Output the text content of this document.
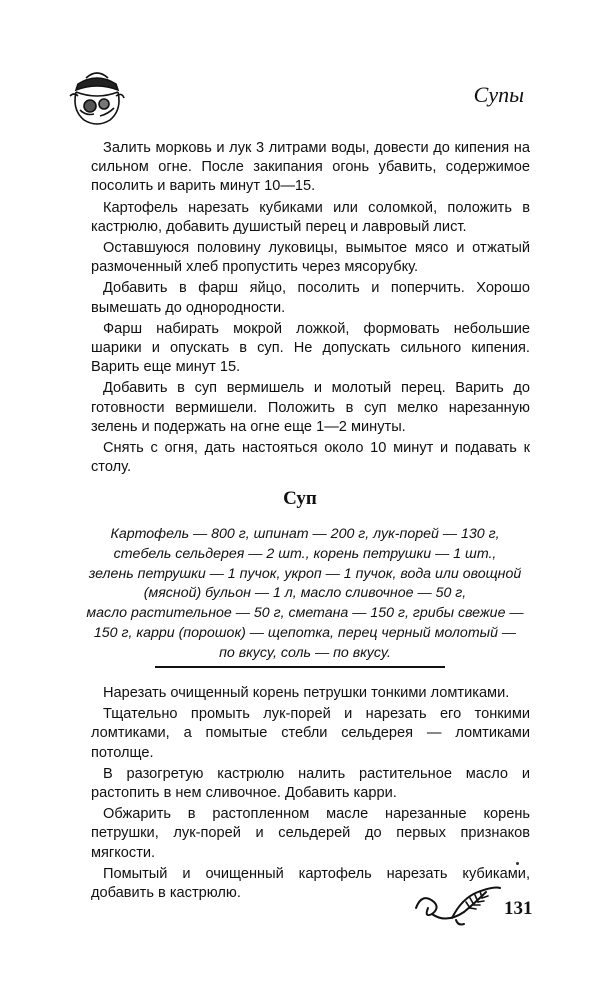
Супы

Залить морковь и лук 3 литрами воды, довести до кипения на сильном огне. После закипания огонь убавить, содержимое посолить и варить минут 10—15.

Картофель нарезать кубиками или соломкой, положить в кастрюлю, добавить душистый перец и лавровый лист.

Оставшуюся половину луковицы, вымытое мясо и отжатый размоченный хлеб пропустить через мясорубку.

Добавить в фарш яйцо, посолить и поперчить. Хорошо вымешать до однородности.

Фарш набирать мокрой ложкой, формовать небольшие шарики и опускать в суп. Не допускать сильного кипения. Варить еще минут 15.

Добавить в суп вермишель и молотый перец. Варить до готовности вермишели. Положить в суп мелко нарезанную зелень и подержать на огне еще 1—2 минуты.

Снять с огня, дать настояться около 10 минут и подавать к столу.

Суп
Картофель — 800 г, шпинат — 200 г, лук-порей — 130 г,
стебель сельдерея — 2 шт., корень петрушки — 1 шт.,
зелень петрушки — 1 пучок, укроп — 1 пучок, вода или овощной
(мясной) бульон — 1 л, масло сливочное — 50 г,
масло растительное — 50 г, сметана — 150 г, грибы свежие —
150 г, карри (порошок) — щепотка, перец черный молотый —
по вкусу, соль — по вкусу.

Нарезать очищенный корень петрушки тонкими ломтиками.

Тщательно промыть лук-порей и нарезать его тонкими ломтиками, а помытые стебли сельдерея — ломтиками потолще.

В разогретую кастрюлю налить растительное масло и растопить в нем сливочное. Добавить карри.

Обжарить в растопленном масле нарезанные корень петрушки, лук-порей и сельдерей до первых признаков мягкости.

Помытый и очищенный картофель нарезать кубиками, добавить в кастрюлю.

131
